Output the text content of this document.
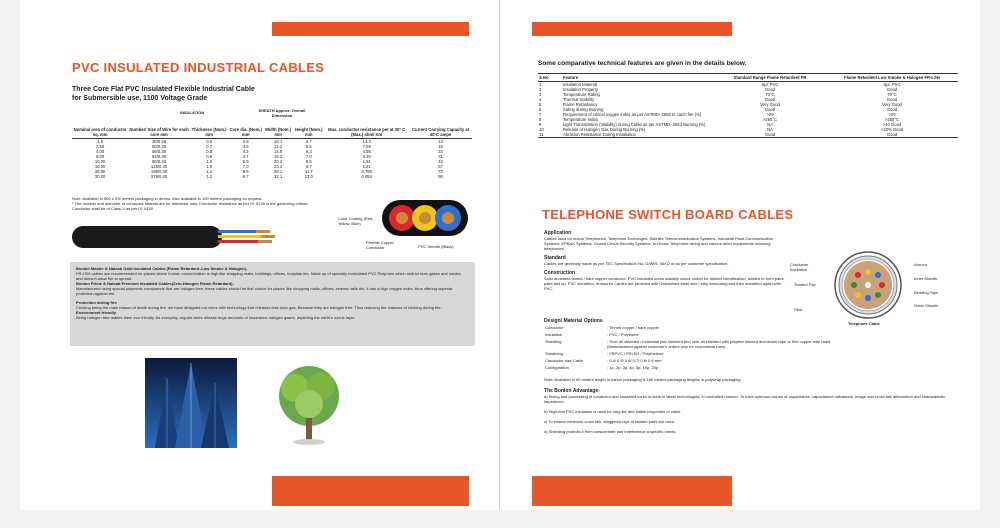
PVC INSULATED INDUSTRIAL CABLES
Three Core Flat PVC Insulated Flexible Industrial Cable
for Submersible use, 1100 Voltage Grade
INSULATION	SHEATH Approx. Overall Dimension
Nominal area of conductor sq. mm	Number/ Size of Wire for each core mm	Thickness (Nom.) mm	Core dia. (Nom.) mm	Width (Nom.) mm	Height (Nom.) mm	Max. conductor resistance per at 20° C (Max.) ohm/ Km	Current Carrying Capacity at 40°C ampe
1.5	30/0.25	0.6	2.8	10.1	4.7	13.3	13
2.50	50/0.25	0.7	3.5	12.2	5.5	7.98	18
4.00	56/0.30	0.8	4.2	14.6	6.3	4.95	24
6.00	84/0.30	0.8	4.7	16.2	7.0	3.30	31
10.00	80/0.40	1.0	6.9	20.2	8.5	1.91	42
16.00	126/0.40	1.0	7.0	23.4	9.7	1.21	57
25.00	196/0.40	1.2	8.6	28.1	11.7	0.780	72
30.00	276/0.40	1.2	9.7	32.1	13.0	0.554	90
Note: Available in 500 ± 5% meters packaging in drums. Also available in 100 meters packaging on request.
* The number and diameter of conductor strands are for reference only. Conductor resistance as per IS: 8130 is the governing criteria.
Conductor shall be of Class-V as per IS: 8130
Color Coating (Red, Yellow, Blue)
Flexible Copper Conductor	PVC Sheath (Black)
Bonlon Master & Natcab Gold Insulated Cables (Flame Retardant–Low Smoke & Halogen)-
FR-LSH cables are recommended for places where human concentration is high like shopping malls, buildings, offices, hospitas etc. Made up of specially formulated PVC Polymers which restrict toxic gases and smoke, and doesn't allow fire to spread.
Bonlon Prime & Natcab Premium Insulated Cables(Zero-Halogen Flame Retardant)-
Manufactured using special polymeric compounds that are halogen-free, these cables should be first choice for places like shopping malls, offices, cinema halls etc. it has a high oxygen index, thus offering superior protection against fire.
Protection during fire
Choking being the main reason of death during fire, we have designed our wires with technology that releases less toxic gas. Because they are halogen free. Thus reducing the chances of choking during fire.
Environment friendly
Being halogen free makes them eco friendly. As everyday, regular wires release huge amounts of hazardous halogen gases, depleting the earth's ozone layer.
Some comparative technical features are given in the details below.
S.No	Feature	Standard Range Flame Retardent FR	Flame Retardent Low Smoke & Halogen FR-LSH
1	Insulation Material	Spl. PVC	Spl. PVC
2	Insulation Property	Good	Good
3	Temperature Rating	70°C	70°C
4	Thermal Stability	Good	Good
5	Flame Retardancy	Very Good	Very Good
6	Safety during Burning	Good	Good
7	Requirement of critical oxygen index as per ASTMD- 2863 to catch fire (%)	>29	>29
8	Temperature Index	>250°C	>250°C
9	Light Transmission (Visibility) during Cable as per ASTMD- 2843 Burning (%)	NA	>40 Good
10	Release of Halogen Gas During Burning (%)	NA	<20% Good
11	Abrasion Resistance During Installation	Good	Good
TELEPHONE SWITCH BOARD CABLES
Application
Cables used for indoor Telephones, Telephone Exchanges, Satellite Telecommunication Systems, Industrial Plant Communication Systems, EPBAX Systems, Closed Circuit Security Systems, In-House Telephone wiring and various other equipments involving telephones.
Standard
Cables are generally made as per TEC Specification No. G/WIR- 06/02 or as per customer specification.
Construction
Solid annealed tinned / bare copper conductor, PVC insulated cores suitably colour coded for distinct identification, twisted to form pairs, pairs laid up, PVC sheathed. Armoured Cables are provided with Galvanised steel wire / strip armouring and then sheathed again with PVC.
Conductor Insulation
Twisted Pair
Filler
Armour
Inner Sheath
Bedding Tape
Outer Sheath
Telephone Cable
Design/ Material Options
Conductor	: Tinned copper / bare copper
Insulation	: PVC / Polythene
Shielding	: Over all shielded / individual pair shielded and over all shielded with polyster backed aluminium tape or fine copper wire braid (Manufactured against customer's orders only for economical runs).
Sheathing	: FRPVC / FRLSH / Polythelene
Conductor size Cable	: 0.4/ 0.5/ 0.6/ 0.7/ 0.8/ 0.9 mm
Configuration	: 1p, 2p, 3p, 4p, 5p, 10p, 20p
Note: Available in 90 meters length in carton packaging & 180 meters packaging lengths in polywrap packaging.
The Bonlon Advantage-
a) Sizing and processing of conductor and Insulated cores is done in latest technologies, in controlled manner. To have optimum values of capacitance, capacitance unbalance, image and cross talk attenuation and characteristic impedence.
b) High-end PVC insulation is used for long life and stable properties of cable.
c) To ensure minimum cross talk, staggered lays of twisted pairs are used.
d) Shielding protects it from outside/inter pair interference a specific needs.
